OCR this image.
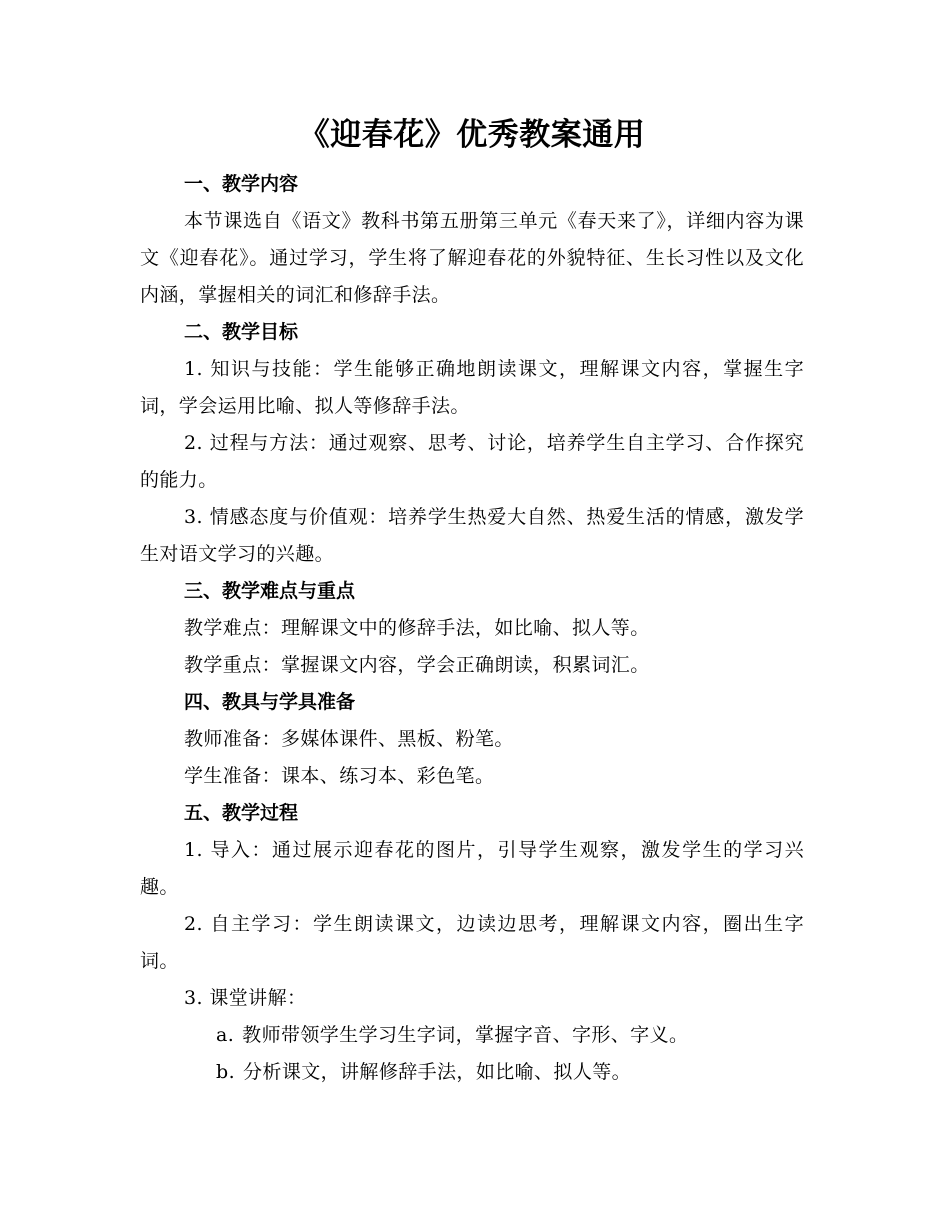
《迎春花》优秀教案通用

一、教学内容

本节课选自《语文》教科书第五册第三单元《春天来了》，详细内容为课文《迎春花》。通过学习，学生将了解迎春花的外貌特征、生长习性以及文化内涵，掌握相关的词汇和修辞手法。

二、教学目标

1. 知识与技能：学生能够正确地朗读课文，理解课文内容，掌握生字词，学会运用比喻、拟人等修辞手法。

2. 过程与方法：通过观察、思考、讨论，培养学生自主学习、合作探究的能力。

3. 情感态度与价值观：培养学生热爱大自然、热爱生活的情感，激发学生对语文学习的兴趣。

三、教学难点与重点

教学难点：理解课文中的修辞手法，如比喻、拟人等。

教学重点：掌握课文内容，学会正确朗读，积累词汇。

四、教具与学具准备

教师准备：多媒体课件、黑板、粉笔。

学生准备：课本、练习本、彩色笔。

五、教学过程

1. 导入：通过展示迎春花的图片，引导学生观察，激发学生的学习兴趣。

2. 自主学习：学生朗读课文，边读边思考，理解课文内容，圈出生字词。

3. 课堂讲解：

a. 教师带领学生学习生字词，掌握字音、字形、字义。

b. 分析课文，讲解修辞手法，如比喻、拟人等。
